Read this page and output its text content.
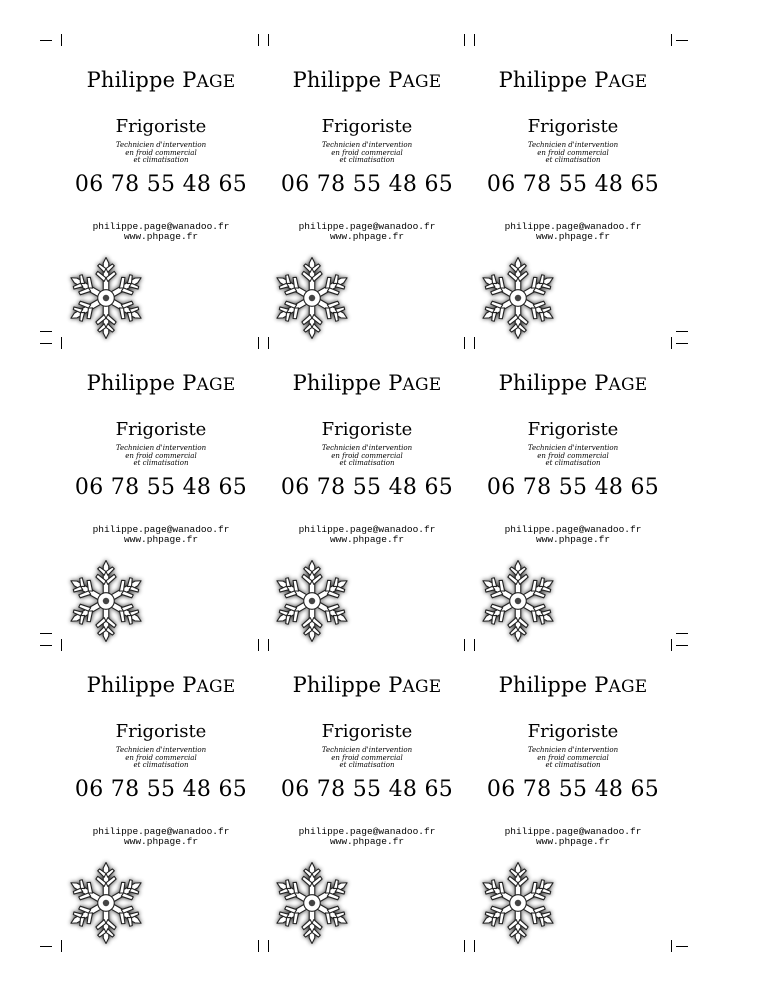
Philippe PAGE
Frigoriste
Technicien d'intervention
en froid commercial
et climatisation
06 78 55 48 65
philippe.page@wanadoo.fr
www.phpage.fr
Philippe PAGE
Frigoriste
Technicien d'intervention
en froid commercial
et climatisation
06 78 55 48 65
philippe.page@wanadoo.fr
www.phpage.fr
Philippe PAGE
Frigoriste
Technicien d'intervention
en froid commercial
et climatisation
06 78 55 48 65
philippe.page@wanadoo.fr
www.phpage.fr
Philippe PAGE
Frigoriste
Technicien d'intervention
en froid commercial
et climatisation
06 78 55 48 65
philippe.page@wanadoo.fr
www.phpage.fr
Philippe PAGE
Frigoriste
Technicien d'intervention
en froid commercial
et climatisation
06 78 55 48 65
philippe.page@wanadoo.fr
www.phpage.fr
Philippe PAGE
Frigoriste
Technicien d'intervention
en froid commercial
et climatisation
06 78 55 48 65
philippe.page@wanadoo.fr
www.phpage.fr
Philippe PAGE
Frigoriste
Technicien d'intervention
en froid commercial
et climatisation
06 78 55 48 65
philippe.page@wanadoo.fr
www.phpage.fr
Philippe PAGE
Frigoriste
Technicien d'intervention
en froid commercial
et climatisation
06 78 55 48 65
philippe.page@wanadoo.fr
www.phpage.fr
Philippe PAGE
Frigoriste
Technicien d'intervention
en froid commercial
et climatisation
06 78 55 48 65
philippe.page@wanadoo.fr
www.phpage.fr
